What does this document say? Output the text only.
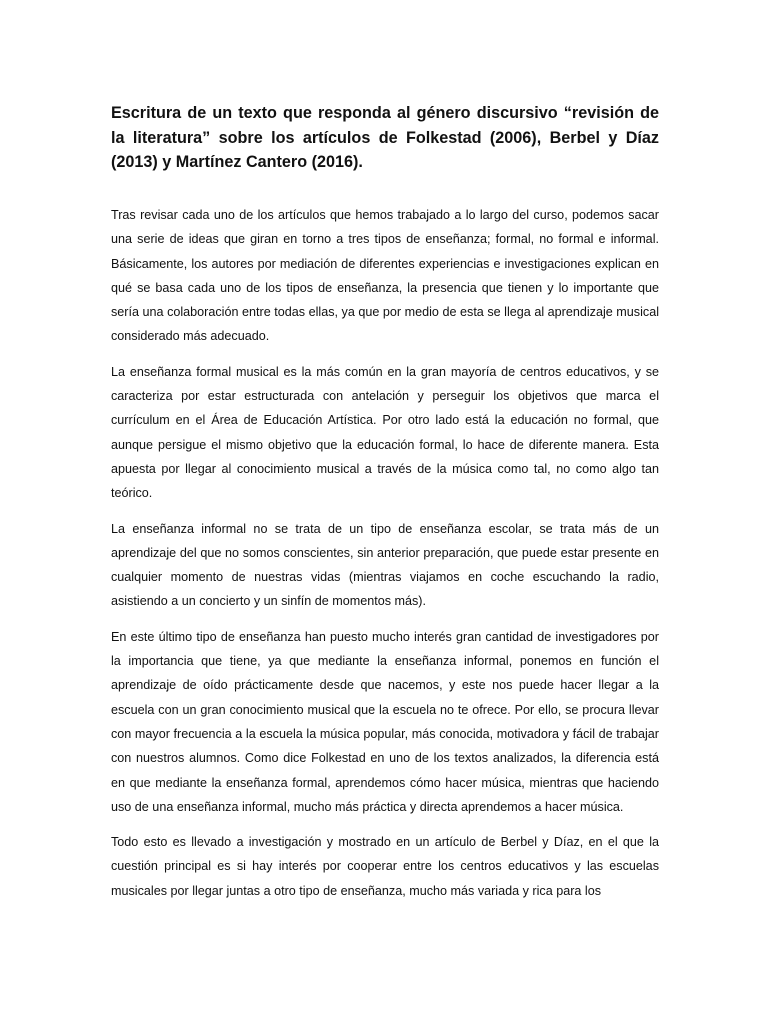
Escritura de un texto que responda al género discursivo “revisión de la literatura” sobre los artículos de Folkestad (2006), Berbel y Díaz (2013) y Martínez Cantero (2016).

Tras revisar cada uno de los artículos que hemos trabajado a lo largo del curso, podemos sacar una serie de ideas que giran en torno a tres tipos de enseñanza; formal, no formal e informal. Básicamente, los autores por mediación de diferentes experiencias e investigaciones explican en qué se basa cada uno de los tipos de enseñanza, la presencia que tienen y lo importante que sería una colaboración entre todas ellas, ya que por medio de esta se llega al aprendizaje musical considerado más adecuado.

La enseñanza formal musical es la más común en la gran mayoría de centros educativos, y se caracteriza por estar estructurada con antelación y perseguir los objetivos que marca el currículum en el Área de Educación Artística. Por otro lado está la educación no formal, que aunque persigue el mismo objetivo que la educación formal, lo hace de diferente manera. Esta apuesta por llegar al conocimiento musical a través de la música como tal, no como algo tan teórico.

La enseñanza informal no se trata de un tipo de enseñanza escolar, se trata más de un aprendizaje del que no somos conscientes, sin anterior preparación, que puede estar presente en cualquier momento de nuestras vidas (mientras viajamos en coche escuchando la radio, asistiendo a un concierto y un sinfín de momentos más).

En este último tipo de enseñanza han puesto mucho interés gran cantidad de investigadores por la importancia que tiene, ya que mediante la enseñanza informal, ponemos en función el aprendizaje de oído prácticamente desde que nacemos, y este nos puede hacer llegar a la escuela con un gran conocimiento musical que la escuela no te ofrece. Por ello, se procura llevar con mayor frecuencia a la escuela la música popular, más conocida, motivadora y fácil de trabajar con nuestros alumnos. Como dice Folkestad en uno de los textos analizados, la diferencia está en que mediante la enseñanza formal, aprendemos cómo hacer música, mientras que haciendo uso de una enseñanza informal, mucho más práctica y directa aprendemos a hacer música.

Todo esto es llevado a investigación y mostrado en un artículo de Berbel y Díaz, en el que la cuestión principal es si hay interés por cooperar entre los centros educativos y las escuelas musicales por llegar juntas a otro tipo de enseñanza, mucho más variada y rica para los
